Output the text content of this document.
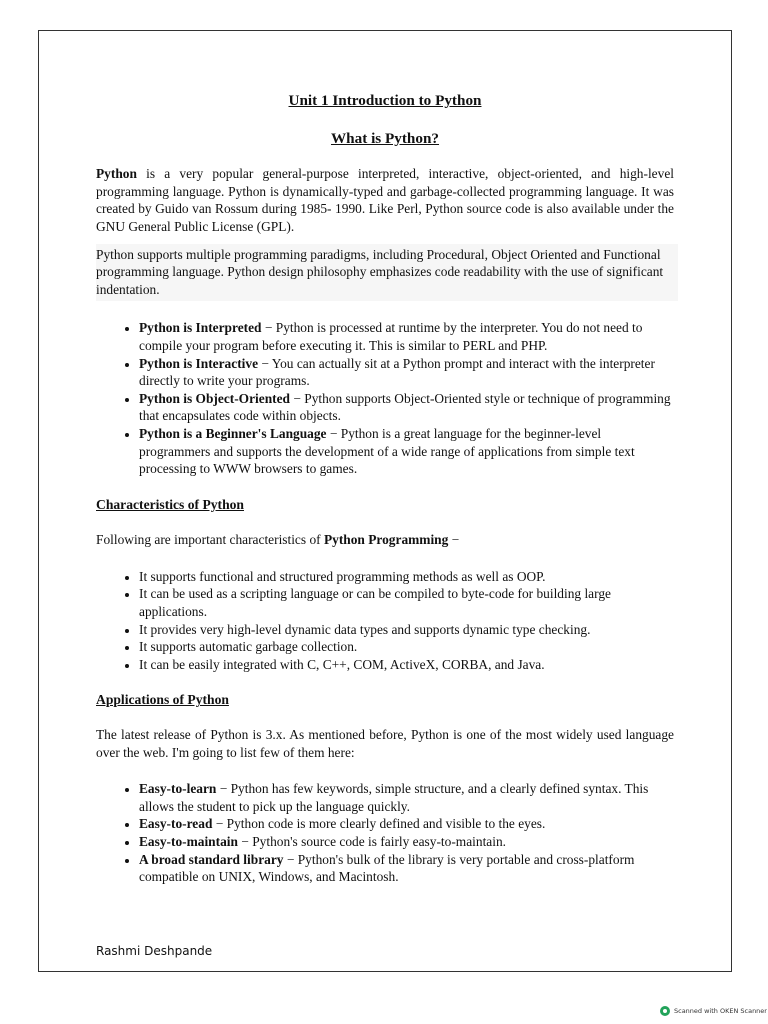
Unit 1 Introduction to Python

What is Python?

Python is a very popular general-purpose interpreted, interactive, object-oriented, and high-level programming language. Python is dynamically-typed and garbage-collected programming language. It was created by Guido van Rossum during 1985- 1990. Like Perl, Python source code is also available under the GNU General Public License (GPL).

Python supports multiple programming paradigms, including Procedural, Object Oriented and Functional programming language. Python design philosophy emphasizes code readability with the use of significant indentation.

• Python is Interpreted − Python is processed at runtime by the interpreter. You do not need to compile your program before executing it. This is similar to PERL and PHP.
• Python is Interactive − You can actually sit at a Python prompt and interact with the interpreter directly to write your programs.
• Python is Object-Oriented − Python supports Object-Oriented style or technique of programming that encapsulates code within objects.
• Python is a Beginner's Language − Python is a great language for the beginner-level programmers and supports the development of a wide range of applications from simple text processing to WWW browsers to games.

Characteristics of Python

Following are important characteristics of Python Programming −

• It supports functional and structured programming methods as well as OOP.
• It can be used as a scripting language or can be compiled to byte-code for building large applications.
• It provides very high-level dynamic data types and supports dynamic type checking.
• It supports automatic garbage collection.
• It can be easily integrated with C, C++, COM, ActiveX, CORBA, and Java.

Applications of Python

The latest release of Python is 3.x. As mentioned before, Python is one of the most widely used language over the web. I'm going to list few of them here:

• Easy-to-learn − Python has few keywords, simple structure, and a clearly defined syntax. This allows the student to pick up the language quickly.
• Easy-to-read − Python code is more clearly defined and visible to the eyes.
• Easy-to-maintain − Python's source code is fairly easy-to-maintain.
• A broad standard library − Python's bulk of the library is very portable and cross-platform compatible on UNIX, Windows, and Macintosh.
Rashmi Deshpande
Scanned with OKEN Scanner
